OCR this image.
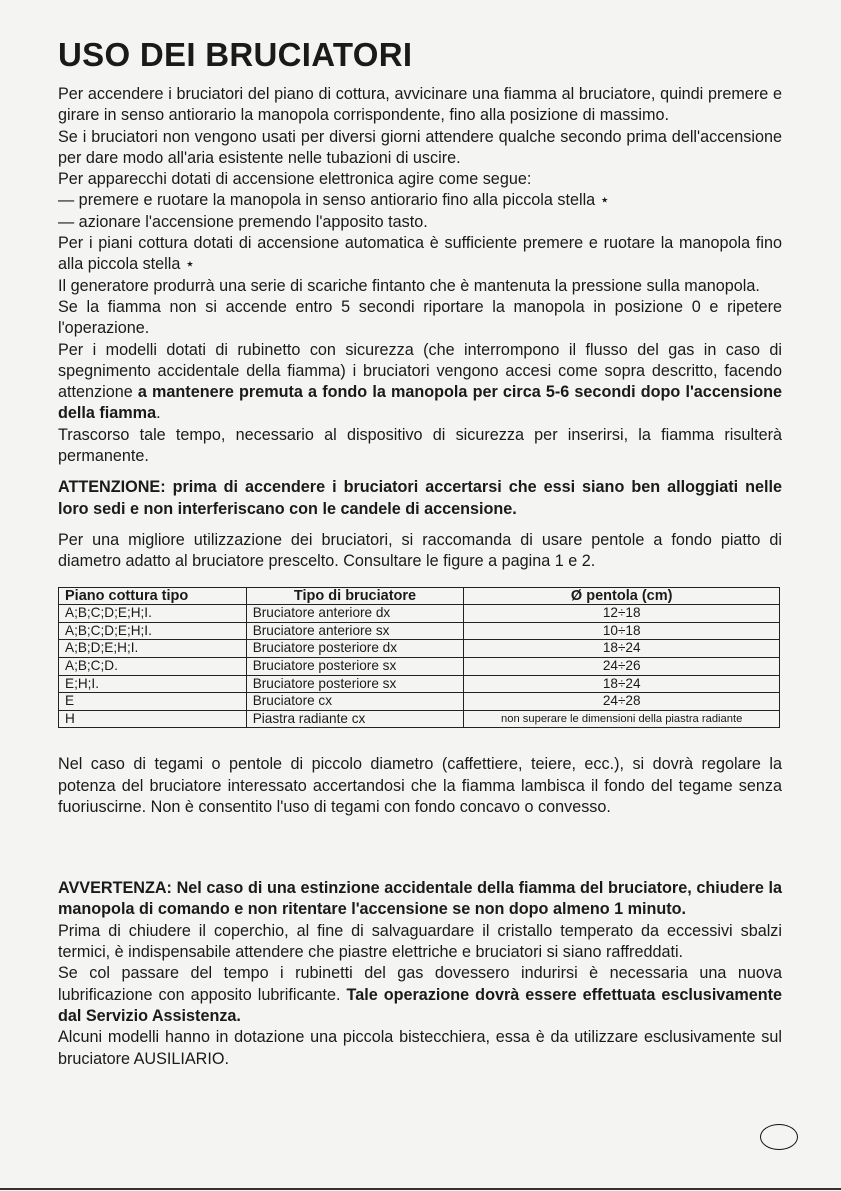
USO DEI BRUCIATORI

Per accendere i bruciatori del piano di cottura, avvicinare una fiamma al bruciatore, quindi premere e girare in senso antiorario la manopola corrispondente, fino alla posizione di massimo.

Se i bruciatori non vengono usati per diversi giorni attendere qualche secondo prima dell'accensione per dare modo all'aria esistente nelle tubazioni di uscire.

Per apparecchi dotati di accensione elettronica agire come segue:

— premere e ruotare la manopola in senso antiorario fino alla piccola stella ⋆

— azionare l'accensione premendo l'apposito tasto.

Per i piani cottura dotati di accensione automatica è sufficiente premere e ruotare la manopola fino alla piccola stella ⋆

Il generatore produrrà una serie di scariche fintanto che è mantenuta la pressione sulla manopola.

Se la fiamma non si accende entro 5 secondi riportare la manopola in posizione 0 e ripetere l'operazione.

Per i modelli dotati di rubinetto con sicurezza (che interrompono il flusso del gas in caso di spegnimento accidentale della fiamma) i bruciatori vengono accesi come sopra descritto, facendo attenzione a mantenere premuta a fondo la manopola per circa 5-6 secondi dopo l'accensione della fiamma.

Trascorso tale tempo, necessario al dispositivo di sicurezza per inserirsi, la fiamma risulterà permanente.

ATTENZIONE: prima di accendere i bruciatori accertarsi che essi siano ben alloggiati nelle loro sedi e non interferiscano con le candele di accensione.

Per una migliore utilizzazione dei bruciatori, si raccomanda di usare pentole a fondo piatto di diametro adatto al bruciatore prescelto. Consultare le figure a pagina 1 e 2.

Piano cottura tipo	Tipo di bruciatore	Ø pentola (cm)
A;B;C;D;E;H;I.	Bruciatore anteriore dx	12÷18
A;B;C;D;E;H;I.	Bruciatore anteriore sx	10÷18
A;B;D;E;H;I.	Bruciatore posteriore dx	18÷24
A;B;C;D.	Bruciatore posteriore sx	24÷26
E;H;I.	Bruciatore posteriore sx	18÷24
E	Bruciatore cx	24÷28
H	Piastra radiante cx	non superare le dimensioni della piastra radiante

Nel caso di tegami o pentole di piccolo diametro (caffettiere, teiere, ecc.), si dovrà regolare la potenza del bruciatore interessato accertandosi che la fiamma lambisca il fondo del tegame senza fuoriuscirne. Non è consentito l'uso di tegami con fondo concavo o convesso.

AVVERTENZA: Nel caso di una estinzione accidentale della fiamma del bruciatore, chiudere la manopola di comando e non ritentare l'accensione se non dopo almeno 1 minuto.

Prima di chiudere il coperchio, al fine di salvaguardare il cristallo temperato da eccessivi sbalzi termici, è indispensabile attendere che piastre elettriche e bruciatori si siano raffreddati.

Se col passare del tempo i rubinetti del gas dovessero indurirsi è necessaria una nuova lubrificazione con apposito lubrificante. Tale operazione dovrà essere effettuata esclusivamente dal Servizio Assistenza.

Alcuni modelli hanno in dotazione una piccola bistecchiera, essa è da utilizzare esclusivamente sul bruciatore AUSILIARIO.
